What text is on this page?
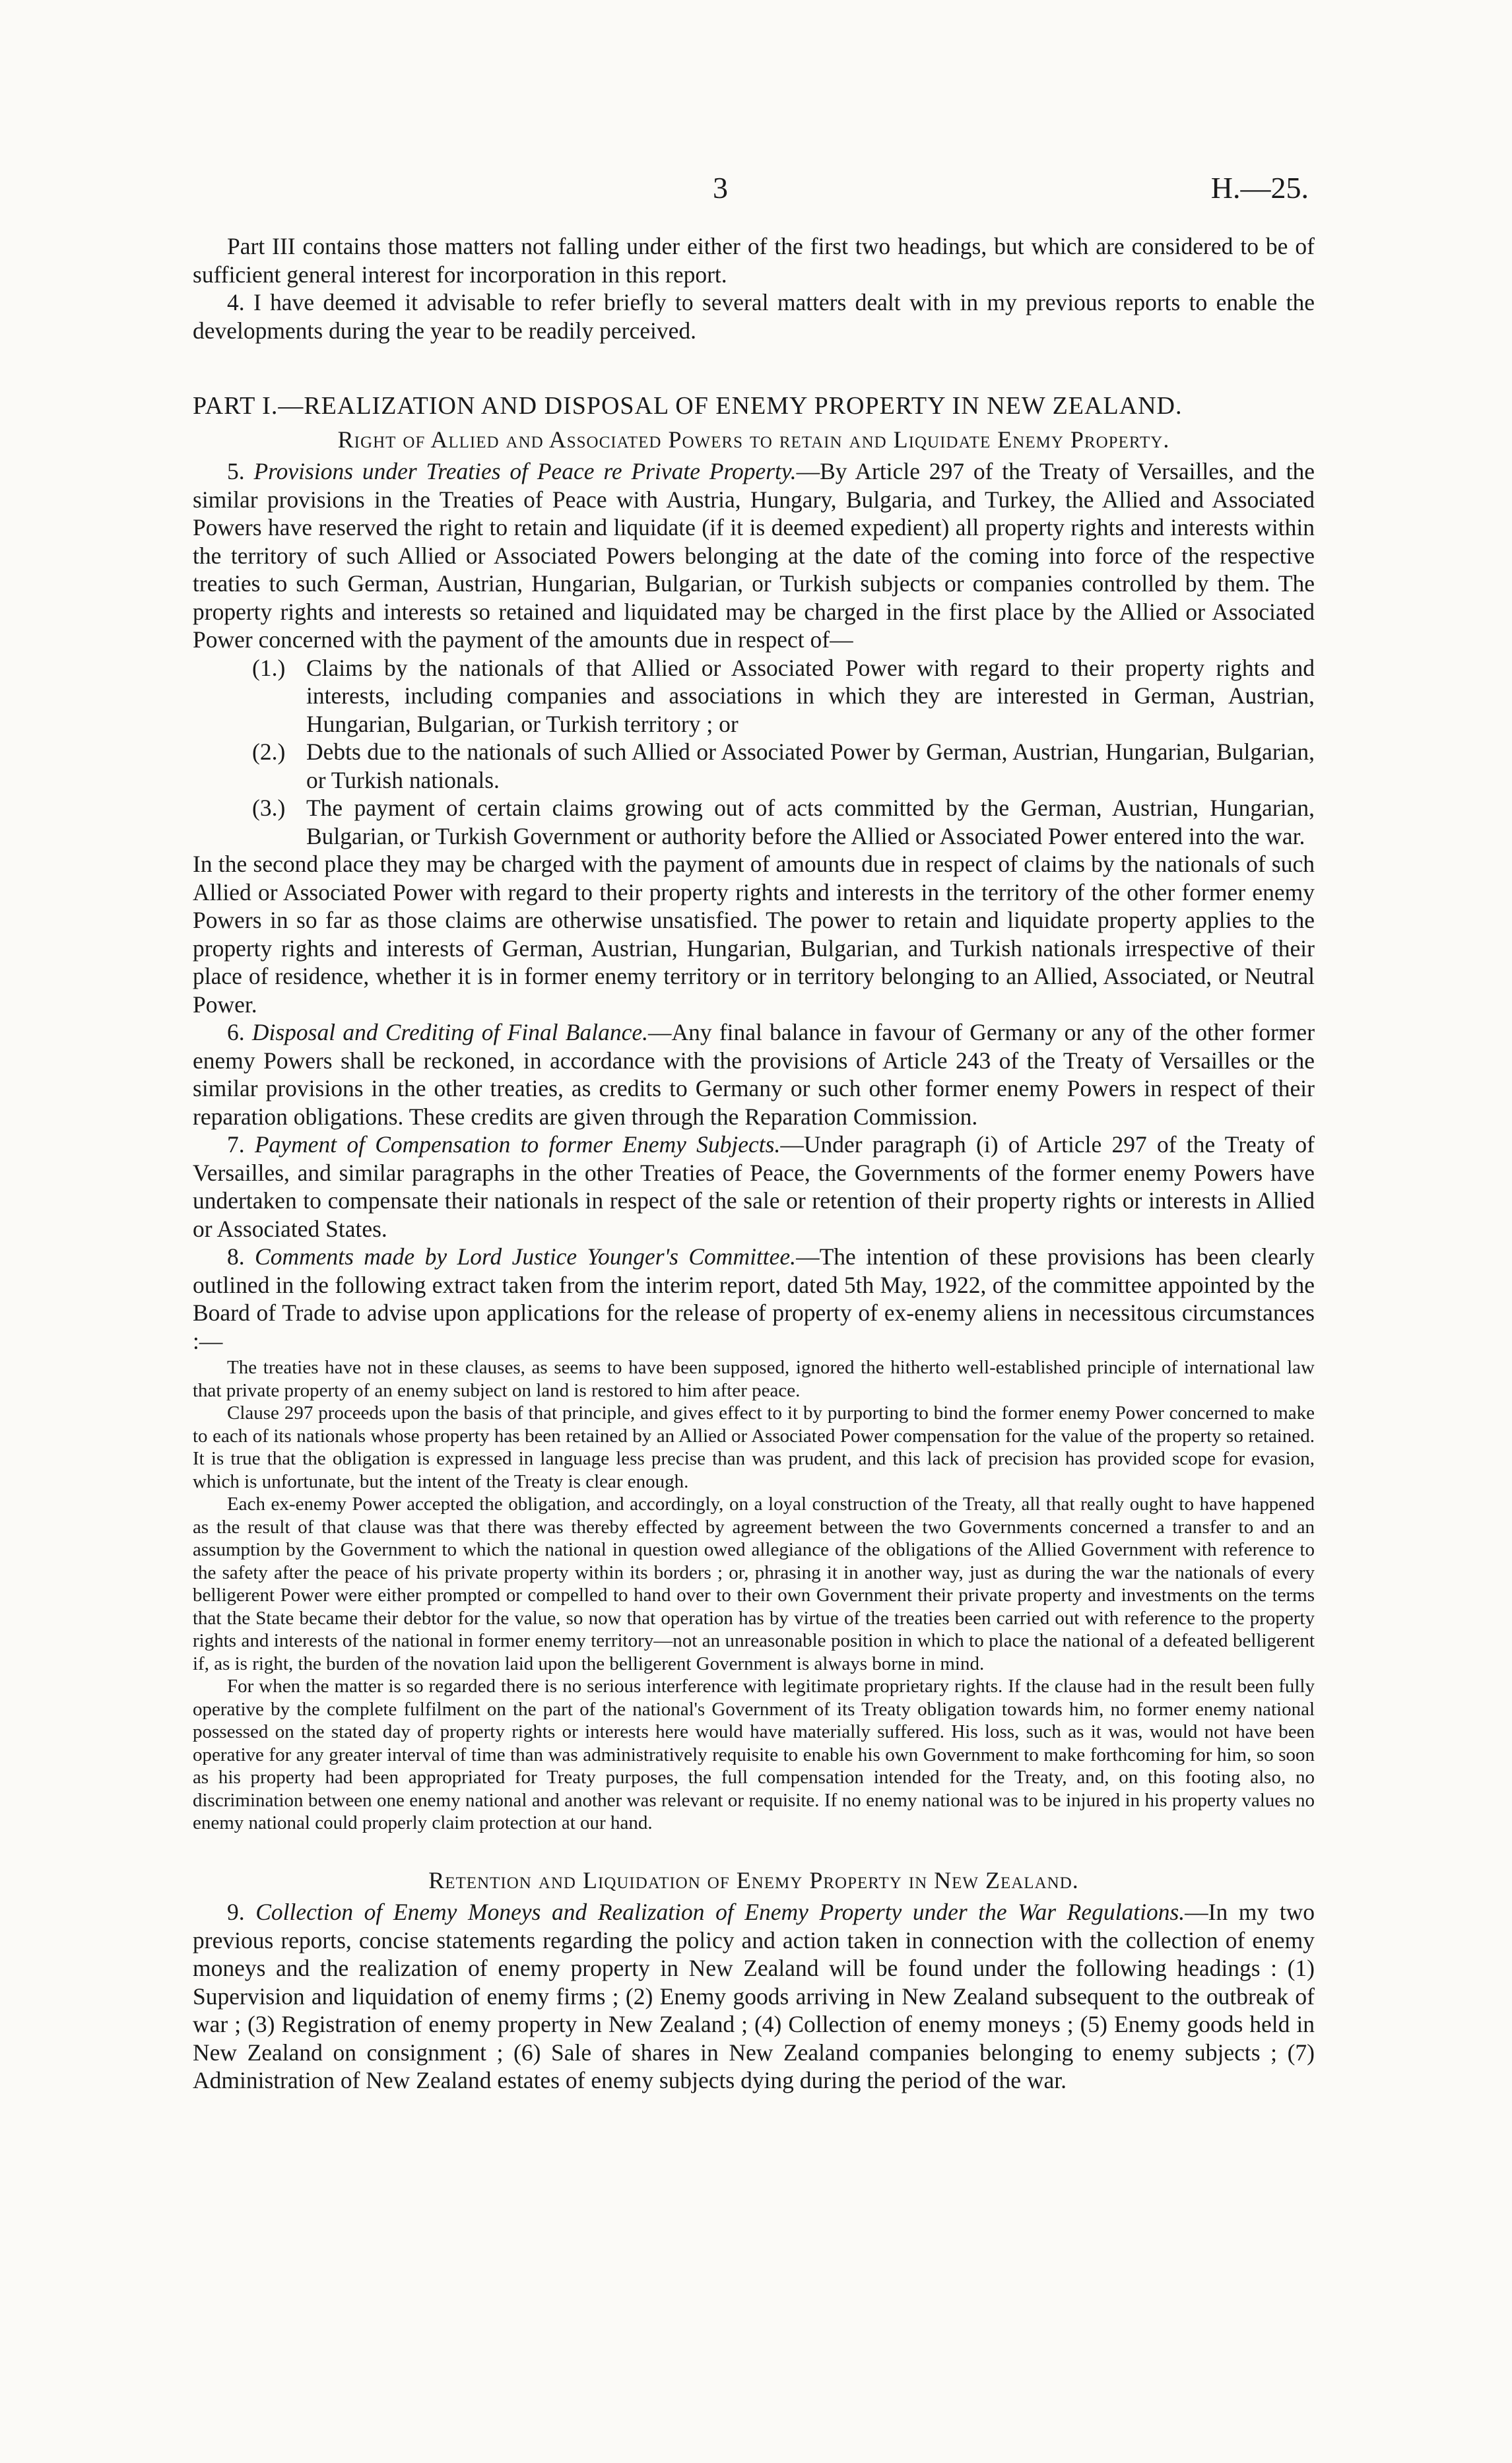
3	H.—25.

Part III contains those matters not falling under either of the first two headings, but which are considered to be of sufficient general interest for incorporation in this report.

4. I have deemed it advisable to refer briefly to several matters dealt with in my previous reports to enable the developments during the year to be readily perceived.

PART I.—REALIZATION AND DISPOSAL OF ENEMY PROPERTY IN NEW ZEALAND.

Right of Allied and Associated Powers to retain and Liquidate Enemy Property.

5. Provisions under Treaties of Peace re Private Property.—By Article 297 of the Treaty of Versailles, and the similar provisions in the Treaties of Peace with Austria, Hungary, Bulgaria, and Turkey, the Allied and Associated Powers have reserved the right to retain and liquidate (if it is deemed expedient) all property rights and interests within the territory of such Allied or Associated Powers belonging at the date of the coming into force of the respective treaties to such German, Austrian, Hungarian, Bulgarian, or Turkish subjects or companies controlled by them. The property rights and interests so retained and liquidated may be charged in the first place by the Allied or Associated Power concerned with the payment of the amounts due in respect of—

(1.) Claims by the nationals of that Allied or Associated Power with regard to their property rights and interests, including companies and associations in which they are interested in German, Austrian, Hungarian, Bulgarian, or Turkish territory ; or
(2.) Debts due to the nationals of such Allied or Associated Power by German, Austrian, Hungarian, Bulgarian, or Turkish nationals.
(3.) The payment of certain claims growing out of acts committed by the German, Austrian, Hungarian, Bulgarian, or Turkish Government or authority before the Allied or Associated Power entered into the war.

In the second place they may be charged with the payment of amounts due in respect of claims by the nationals of such Allied or Associated Power with regard to their property rights and interests in the territory of the other former enemy Powers in so far as those claims are otherwise unsatisfied. The power to retain and liquidate property applies to the property rights and interests of German, Austrian, Hungarian, Bulgarian, and Turkish nationals irrespective of their place of residence, whether it is in former enemy territory or in territory belonging to an Allied, Associated, or Neutral Power.

6. Disposal and Crediting of Final Balance.—Any final balance in favour of Germany or any of the other former enemy Powers shall be reckoned, in accordance with the provisions of Article 243 of the Treaty of Versailles or the similar provisions in the other treaties, as credits to Germany or such other former enemy Powers in respect of their reparation obligations. These credits are given through the Reparation Commission.

7. Payment of Compensation to former Enemy Subjects.—Under paragraph (i) of Article 297 of the Treaty of Versailles, and similar paragraphs in the other Treaties of Peace, the Governments of the former enemy Powers have undertaken to compensate their nationals in respect of the sale or retention of their property rights or interests in Allied or Associated States.

8. Comments made by Lord Justice Younger's Committee.—The intention of these provisions has been clearly outlined in the following extract taken from the interim report, dated 5th May, 1922, of the committee appointed by the Board of Trade to advise upon applications for the release of property of ex-enemy aliens in necessitous circumstances :—

The treaties have not in these clauses, as seems to have been supposed, ignored the hitherto well-established principle of international law that private property of an enemy subject on land is restored to him after peace.

Clause 297 proceeds upon the basis of that principle, and gives effect to it by purporting to bind the former enemy Power concerned to make to each of its nationals whose property has been retained by an Allied or Associated Power compensation for the value of the property so retained. It is true that the obligation is expressed in language less precise than was prudent, and this lack of precision has provided scope for evasion, which is unfortunate, but the intent of the Treaty is clear enough.

Each ex-enemy Power accepted the obligation, and accordingly, on a loyal construction of the Treaty, all that really ought to have happened as the result of that clause was that there was thereby effected by agreement between the two Governments concerned a transfer to and an assumption by the Government to which the national in question owed allegiance of the obligations of the Allied Government with reference to the safety after the peace of his private property within its borders ; or, phrasing it in another way, just as during the war the nationals of every belligerent Power were either prompted or compelled to hand over to their own Government their private property and investments on the terms that the State became their debtor for the value, so now that operation has by virtue of the treaties been carried out with reference to the property rights and interests of the national in former enemy territory—not an unreasonable position in which to place the national of a defeated belligerent if, as is right, the burden of the novation laid upon the belligerent Government is always borne in mind.

For when the matter is so regarded there is no serious interference with legitimate proprietary rights. If the clause had in the result been fully operative by the complete fulfilment on the part of the national's Government of its Treaty obligation towards him, no former enemy national possessed on the stated day of property rights or interests here would have materially suffered. His loss, such as it was, would not have been operative for any greater interval of time than was administratively requisite to enable his own Government to make forthcoming for him, so soon as his property had been appropriated for Treaty purposes, the full compensation intended for the Treaty, and, on this footing also, no discrimination between one enemy national and another was relevant or requisite. If no enemy national was to be injured in his property values no enemy national could properly claim protection at our hand.

Retention and Liquidation of Enemy Property in New Zealand.

9. Collection of Enemy Moneys and Realization of Enemy Property under the War Regulations.—In my two previous reports, concise statements regarding the policy and action taken in connection with the collection of enemy moneys and the realization of enemy property in New Zealand will be found under the following headings : (1) Supervision and liquidation of enemy firms ; (2) Enemy goods arriving in New Zealand subsequent to the outbreak of war ; (3) Registration of enemy property in New Zealand ; (4) Collection of enemy moneys ; (5) Enemy goods held in New Zealand on consignment ; (6) Sale of shares in New Zealand companies belonging to enemy subjects ; (7) Administration of New Zealand estates of enemy subjects dying during the period of the war.
